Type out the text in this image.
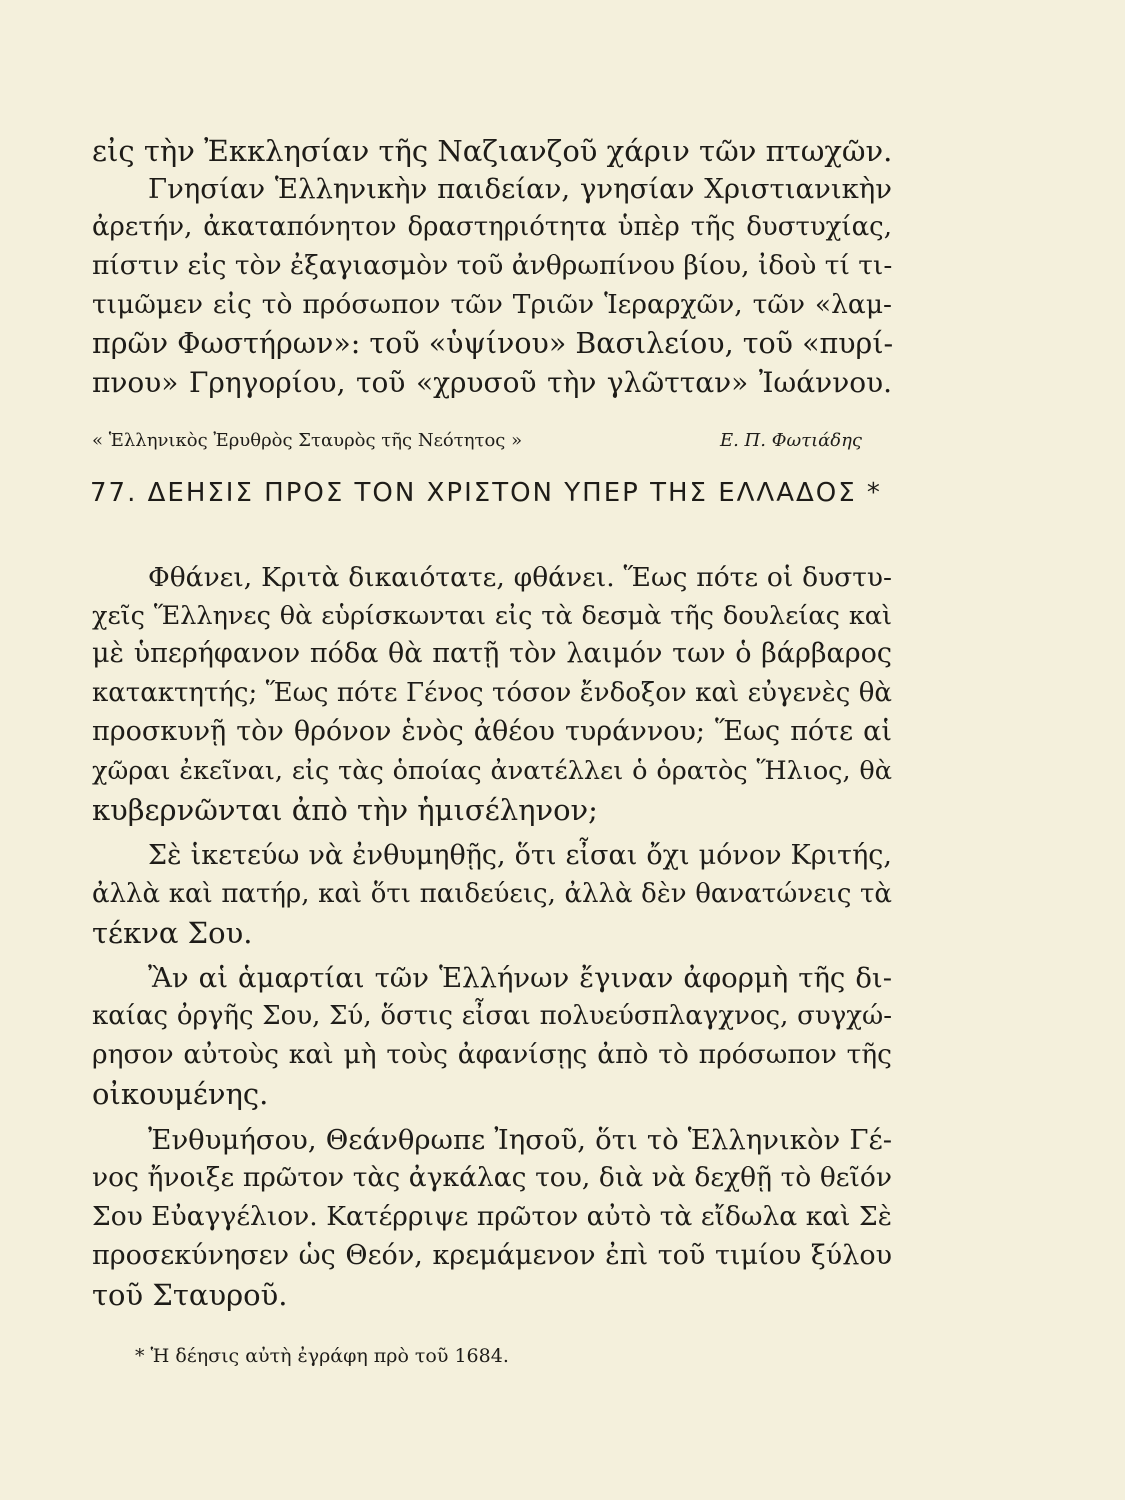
εἰς τὴν Ἐκκλησίαν τῆς Ναζιανζοῦ χάριν τῶν πτωχῶν.
Γνησίαν Ἑλληνικὴν παιδείαν, γνησίαν Χριστιανικὴν
ἀρετήν, ἀκαταπόνητον δραστηριότητα ὑπὲρ τῆς δυστυχίας,
πίστιν εἰς τὸν ἐξαγιασμὸν τοῦ ἀνθρωπίνου βίου, ἰδοὺ τί τι-
τιμῶμεν εἰς τὸ πρόσωπον τῶν Τριῶν Ἱεραρχῶν, τῶν «λαμ-
πρῶν Φωστήρων»: τοῦ «ὑψίνου» Βασιλείου, τοῦ «πυρί-
πνου» Γρηγορίου, τοῦ «χρυσοῦ τὴν γλῶτταν» Ἰωάννου.
« Ἑλληνικὸς Ἐρυθρὸς Σταυρὸς τῆς Νεότητος »	Ε. Π. Φωτιάδης
77. ΔΕΗΣΙΣ ΠΡΟΣ ΤΟΝ ΧΡΙΣΤΟΝ ΥΠΕΡ ΤΗΣ ΕΛΛΑΔΟΣ *
Φθάνει, Κριτὰ δικαιότατε, φθάνει. Ἕως πότε οἱ δυστυ-
χεῖς Ἕλληνες θὰ εὑρίσκωνται εἰς τὰ δεσμὰ τῆς δουλείας καὶ
μὲ ὑπερήφανον πόδα θὰ πατῇ τὸν λαιμόν των ὁ βάρβαρος
κατακτητής; Ἕως πότε Γένος τόσον ἔνδοξον καὶ εὐγενὲς θὰ
προσκυνῇ τὸν θρόνον ἑνὸς ἀθέου τυράννου; Ἕως πότε αἱ
χῶραι ἐκεῖναι, εἰς τὰς ὁποίας ἀνατέλλει ὁ ὁρατὸς Ἥλιος, θὰ
κυβερνῶνται ἀπὸ τὴν ἡμισέληνον;
Σὲ ἱκετεύω νὰ ἐνθυμηθῇς, ὅτι εἶσαι ὄχι μόνον Κριτής,
ἀλλὰ καὶ πατήρ, καὶ ὅτι παιδεύεις, ἀλλὰ δὲν θανατώνεις τὰ
τέκνα Σου.
Ἂν αἱ ἁμαρτίαι τῶν Ἑλλήνων ἔγιναν ἀφορμὴ τῆς δι-
καίας ὀργῆς Σου, Σύ, ὅστις εἶσαι πολυεύσπλαγχνος, συγχώ-
ρησον αὐτοὺς καὶ μὴ τοὺς ἀφανίσῃς ἀπὸ τὸ πρόσωπον τῆς
οἰκουμένης.
Ἐνθυμήσου, Θεάνθρωπε Ἰησοῦ, ὅτι τὸ Ἑλληνικὸν Γέ-
νος ἤνοιξε πρῶτον τὰς ἀγκάλας του, διὰ νὰ δεχθῇ τὸ θεῖόν
Σου Εὐαγγέλιον. Κατέρριψε πρῶτον αὐτὸ τὰ εἴδωλα καὶ Σὲ
προσεκύνησεν ὡς Θεόν, κρεμάμενον ἐπὶ τοῦ τιμίου ξύλου
τοῦ Σταυροῦ.
* Ἡ δέησις αὐτὴ ἐγράφη πρὸ τοῦ 1684.
